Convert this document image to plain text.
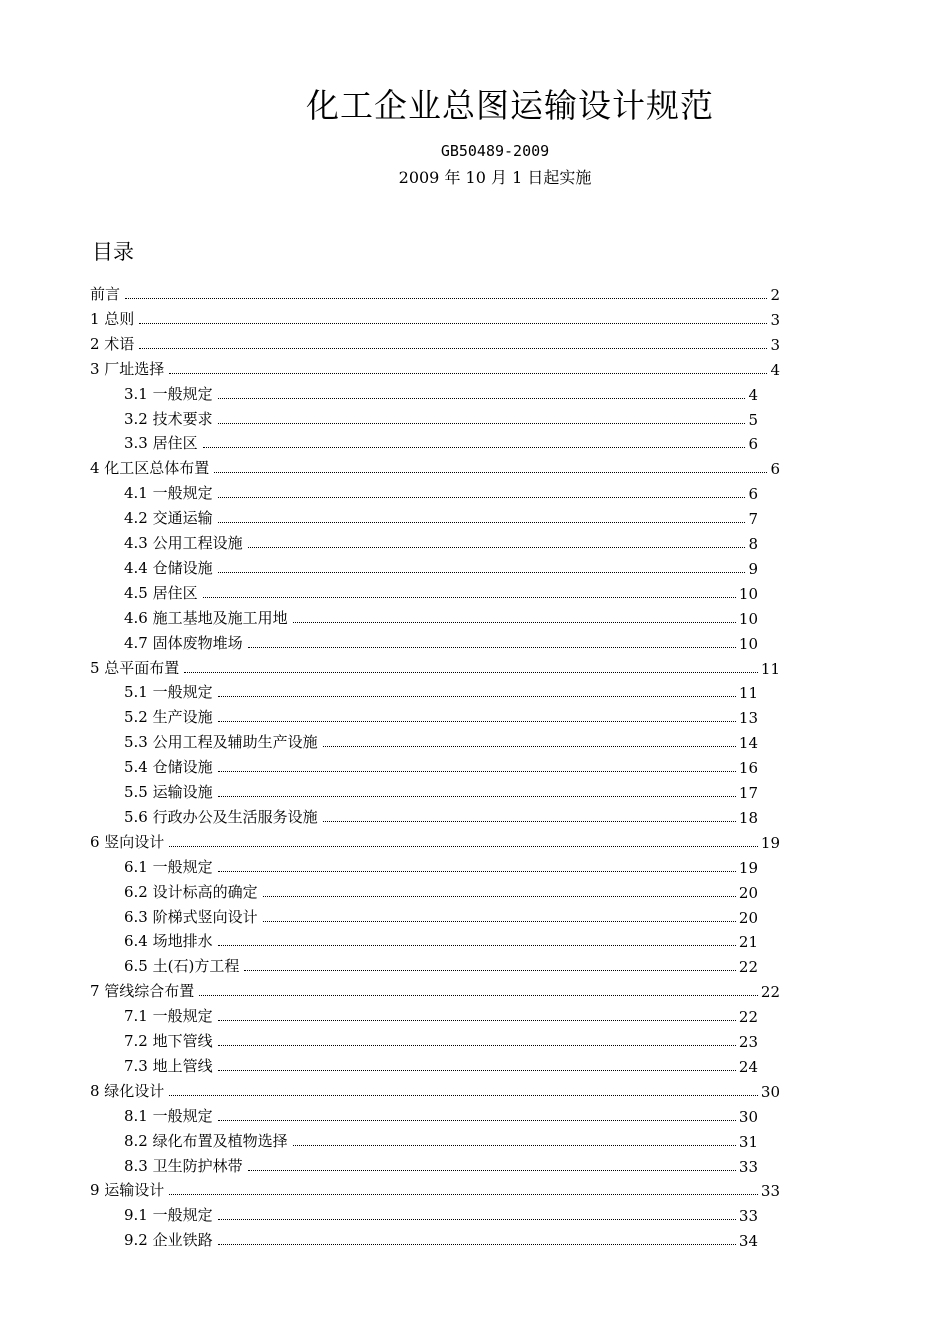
化工企业总图运输设计规范
GB50489-2009
2009 年 10 月 1 日起实施
目录
前言	2
1 总则	3
2 术语	3
3 厂址选择	4
3.1 一般规定	4
3.2 技术要求	5
3.3 居住区	6
4 化工区总体布置	6
4.1 一般规定	6
4.2 交通运输	7
4.3 公用工程设施	8
4.4 仓储设施	9
4.5 居住区	10
4.6 施工基地及施工用地	10
4.7 固体废物堆场	10
5 总平面布置	11
5.1 一般规定	11
5.2 生产设施	13
5.3 公用工程及辅助生产设施	14
5.4 仓储设施	16
5.5 运输设施	17
5.6 行政办公及生活服务设施	18
6 竖向设计	19
6.1 一般规定	19
6.2 设计标高的确定	20
6.3 阶梯式竖向设计	20
6.4 场地排水	21
6.5 土(石)方工程	22
7 管线综合布置	22
7.1 一般规定	22
7.2 地下管线	23
7.3 地上管线	24
8 绿化设计	30
8.1 一般规定	30
8.2 绿化布置及植物选择	31
8.3 卫生防护林带	33
9 运输设计	33
9.1 一般规定	33
9.2 企业铁路	34
